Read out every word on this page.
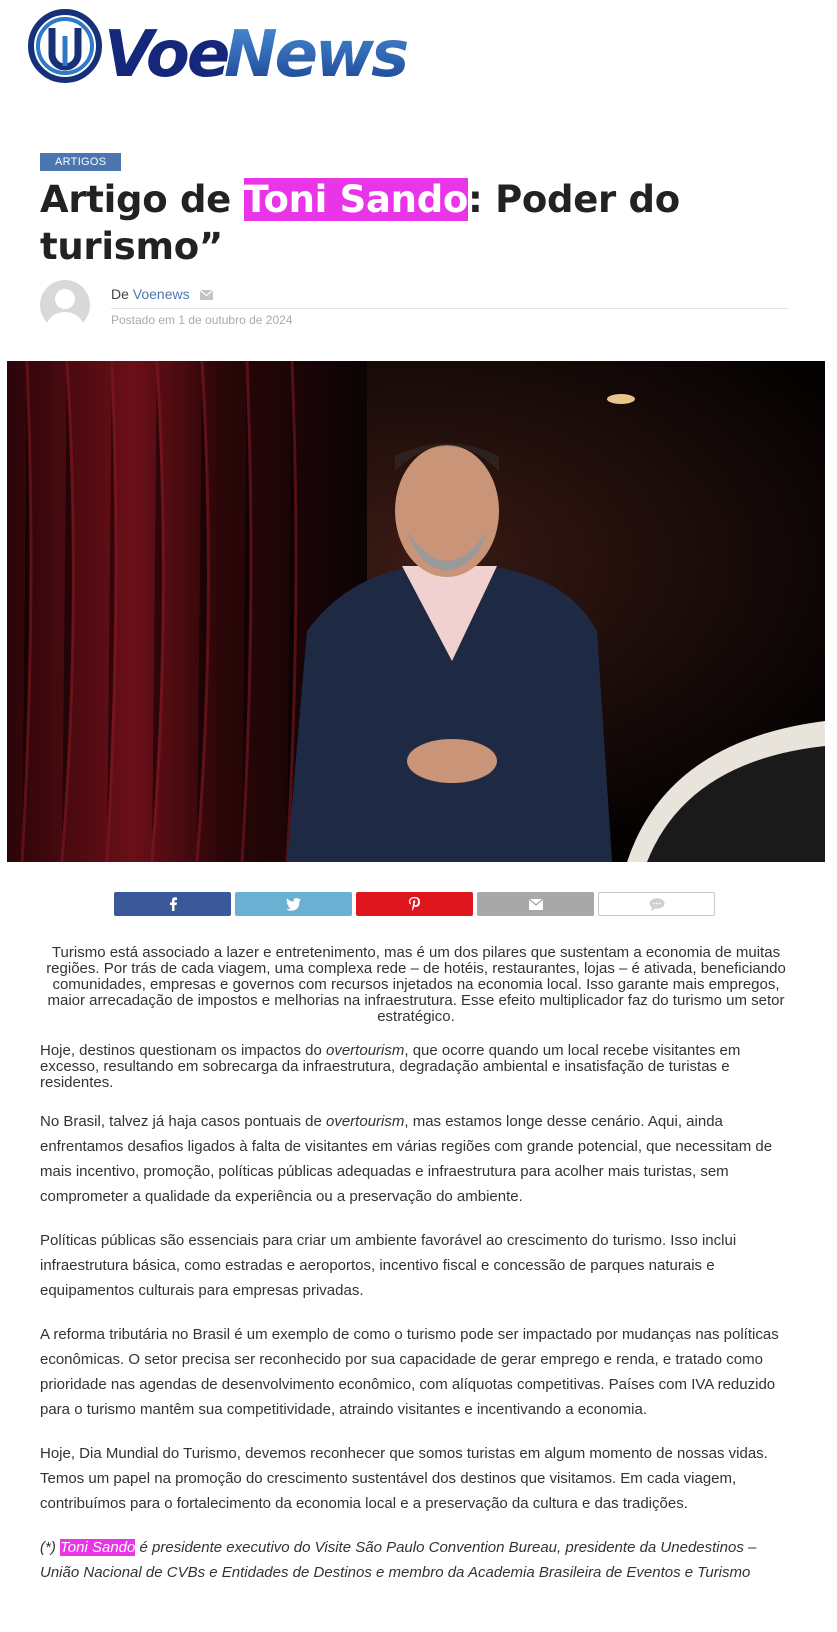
Voe
News
ARTIGOS
Artigo de Toni Sando: Poder do turismo”
De Voenews
Postado em 1 de outubro de 2024

Turismo está associado a lazer e entretenimento, mas é um dos pilares que sustentam a economia de muitas regiões. Por trás de cada viagem, uma complexa rede – de hotéis, restaurantes, lojas – é ativada, beneficiando comunidades, empresas e governos com recursos injetados na economia local. Isso garante mais empregos, maior arrecadação de impostos e melhorias na infraestrutura. Esse efeito multiplicador faz do turismo um setor estratégico.

Hoje, destinos questionam os impactos do overtourism, que ocorre quando um local recebe visitantes em excesso, resultando em sobrecarga da infraestrutura, degradação ambiental e insatisfação de turistas e residentes.

No Brasil, talvez já haja casos pontuais de overtourism, mas estamos longe desse cenário. Aqui, ainda enfrentamos desafios ligados à falta de visitantes em várias regiões com grande potencial, que necessitam de mais incentivo, promoção, políticas públicas adequadas e infraestrutura para acolher mais turistas, sem comprometer a qualidade da experiência ou a preservação do ambiente.

Políticas públicas são essenciais para criar um ambiente favorável ao crescimento do turismo. Isso inclui infraestrutura básica, como estradas e aeroportos, incentivo fiscal e concessão de parques naturais e equipamentos culturais para empresas privadas.

A reforma tributária no Brasil é um exemplo de como o turismo pode ser impactado por mudanças nas políticas econômicas. O setor precisa ser reconhecido por sua capacidade de gerar emprego e renda, e tratado como prioridade nas agendas de desenvolvimento econômico, com alíquotas competitivas. Países com IVA reduzido para o turismo mantêm sua competitividade, atraindo visitantes e incentivando a economia.

Hoje, Dia Mundial do Turismo, devemos reconhecer que somos turistas em algum momento de nossas vidas. Temos um papel na promoção do crescimento sustentável dos destinos que visitamos. Em cada viagem, contribuímos para o fortalecimento da economia local e a preservação da cultura e das tradições.

(*) Toni Sando é presidente executivo do Visite São Paulo Convention Bureau, presidente da Unedestinos – União Nacional de CVBs e Entidades de Destinos e membro da Academia Brasileira de Eventos e Turismo
